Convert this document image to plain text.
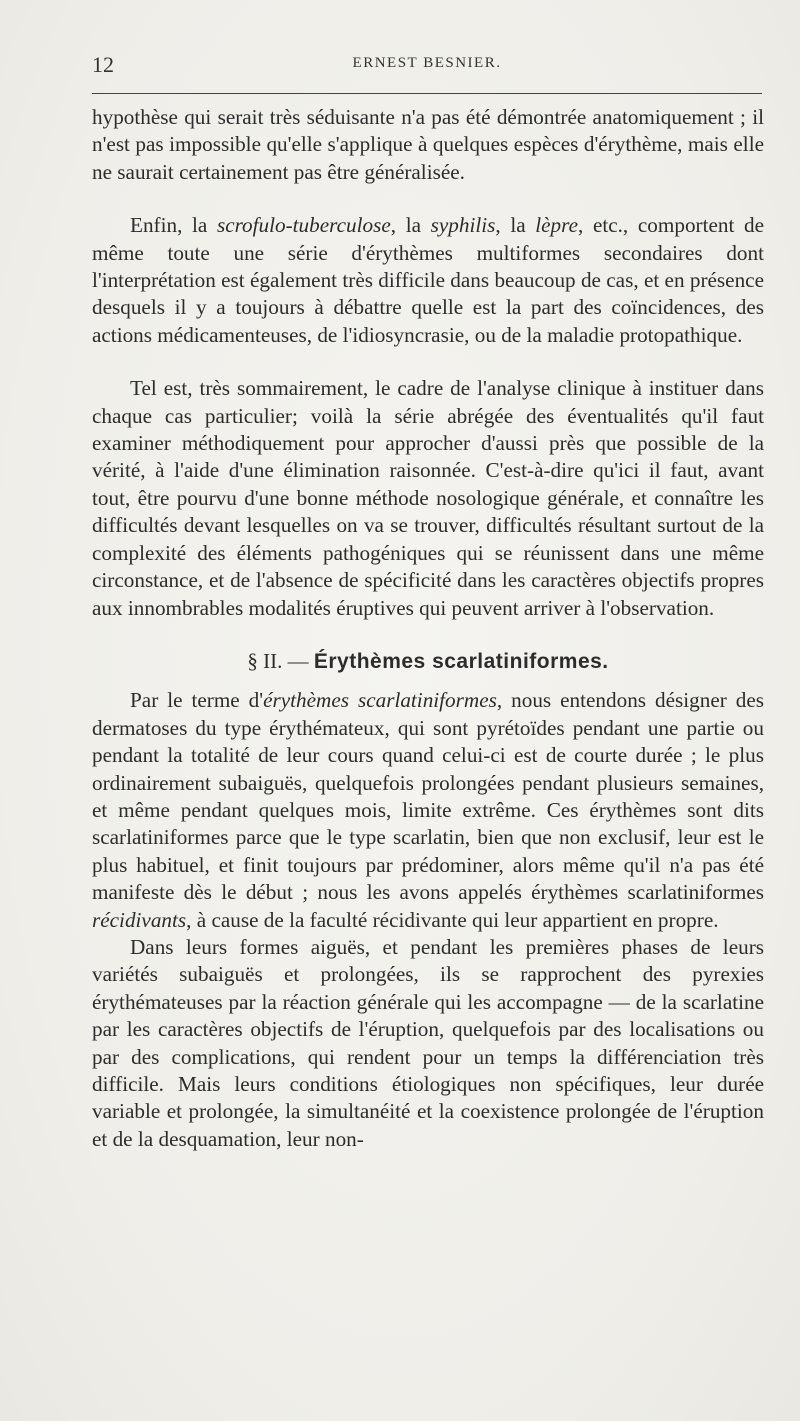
12	ERNEST BESNIER.

hypothèse qui serait très séduisante n'a pas été démontrée anatomiquement ; il n'est pas impossible qu'elle s'applique à quelques espèces d'érythème, mais elle ne saurait certainement pas être généralisée.

Enfin, la scrofulo-tuberculose, la syphilis, la lèpre, etc., comportent de même toute une série d'érythèmes multiformes secondaires dont l'interprétation est également très difficile dans beaucoup de cas, et en présence desquels il y a toujours à débattre quelle est la part des coïncidences, des actions médicamenteuses, de l'idiosyncrasie, ou de la maladie protopathique.

Tel est, très sommairement, le cadre de l'analyse clinique à instituer dans chaque cas particulier; voilà la série abrégée des éventualités qu'il faut examiner méthodiquement pour approcher d'aussi près que possible de la vérité, à l'aide d'une élimination raisonnée. C'est-à-dire qu'ici il faut, avant tout, être pourvu d'une bonne méthode nosologique générale, et connaître les difficultés devant lesquelles on va se trouver, difficultés résultant surtout de la complexité des éléments pathogéniques qui se réunissent dans une même circonstance, et de l'absence de spécificité dans les caractères objectifs propres aux innombrables modalités éruptives qui peuvent arriver à l'observation.

§ II. — Érythèmes scarlatiniformes.

Par le terme d'érythèmes scarlatiniformes, nous entendons désigner des dermatoses du type érythémateux, qui sont pyrétoïdes pendant une partie ou pendant la totalité de leur cours quand celui-ci est de courte durée ; le plus ordinairement subaiguës, quelquefois prolongées pendant plusieurs semaines, et même pendant quelques mois, limite extrême. Ces érythèmes sont dits scarlatiniformes parce que le type scarlatin, bien que non exclusif, leur est le plus habituel, et finit toujours par prédominer, alors même qu'il n'a pas été manifeste dès le début ; nous les avons appelés érythèmes scarlatiniformes récidivants, à cause de la faculté récidivante qui leur appartient en propre.

Dans leurs formes aiguës, et pendant les premières phases de leurs variétés subaiguës et prolongées, ils se rapprochent des pyrexies érythémateuses par la réaction générale qui les accompagne — de la scarlatine par les caractères objectifs de l'éruption, quelquefois par des localisations ou par des complications, qui rendent pour un temps la différenciation très difficile. Mais leurs conditions étiologiques non spécifiques, leur durée variable et prolongée, la simultanéité et la coexistence prolongée de l'éruption et de la desquamation, leur non-
